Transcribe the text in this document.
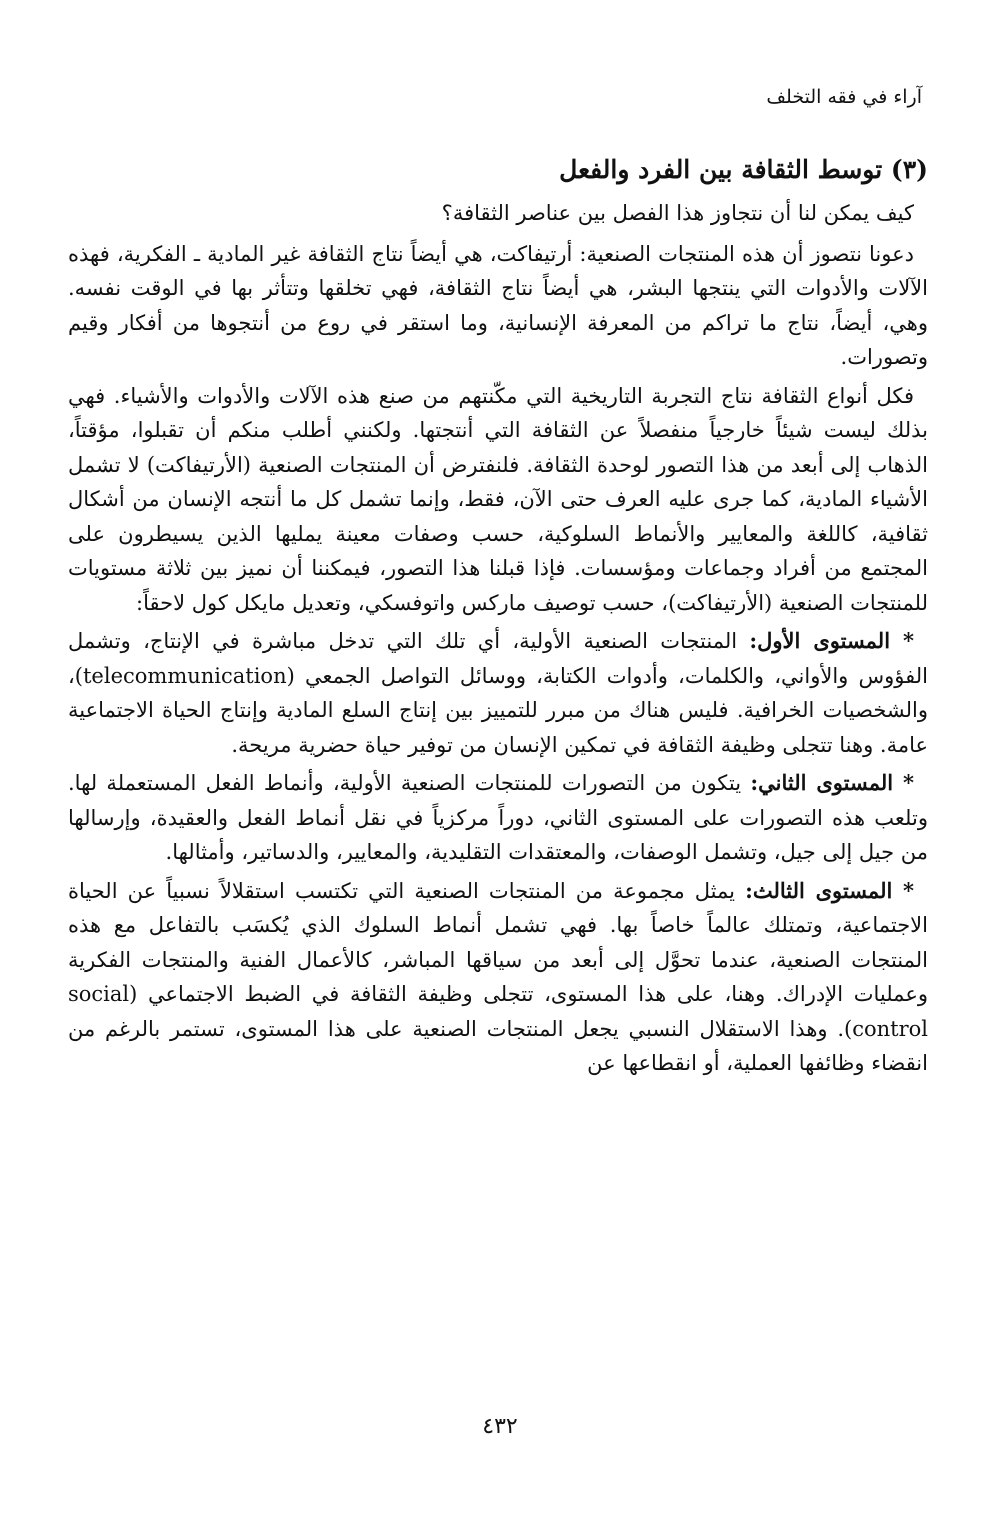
آراء في فقه التخلف
(٣) توسط الثقافة بين الفرد والفعل

كيف يمكن لنا أن نتجاوز هذا الفصل بين عناصر الثقافة؟

دعونا نتصوز أن هذه المنتجات الصنعية: أرتيفاكت، هي أيضاً نتاج الثقافة غير المادية ـ الفكرية، فهذه الآلات والأدوات التي ينتجها البشر، هي أيضاً نتاج الثقافة، فهي تخلقها وتتأثر بها في الوقت نفسه. وهي، أيضاً، نتاج ما تراكم من المعرفة الإنسانية، وما استقر في روع من أنتجوها من أفكار وقيم وتصورات.

فكل أنواع الثقافة نتاج التجربة التاريخية التي مكّنتهم من صنع هذه الآلات والأدوات والأشياء. فهي بذلك ليست شيئاً خارجياً منفصلاً عن الثقافة التي أنتجتها. ولكنني أطلب منكم أن تقبلوا، مؤقتاً، الذهاب إلى أبعد من هذا التصور لوحدة الثقافة. فلنفترض أن المنتجات الصنعية (الأرتيفاكت) لا تشمل الأشياء المادية، كما جرى عليه العرف حتى الآن، فقط، وإنما تشمل كل ما أنتجه الإنسان من أشكال ثقافية، كاللغة والمعايير والأنماط السلوكية، حسب وصفات معينة يمليها الذين يسيطرون على المجتمع من أفراد وجماعات ومؤسسات. فإذا قبلنا هذا التصور، فيمكننا أن نميز بين ثلاثة مستويات للمنتجات الصنعية (الأرتيفاكت)، حسب توصيف ماركس واتوفسكي، وتعديل مايكل كول لاحقاً:

* المستوى الأول: المنتجات الصنعية الأولية، أي تلك التي تدخل مباشرة في الإنتاج، وتشمل الفؤوس والأواني، والكلمات، وأدوات الكتابة، ووسائل التواصل الجمعي (telecommunication)، والشخصيات الخرافية. فليس هناك من مبرر للتمييز بين إنتاج السلع المادية وإنتاج الحياة الاجتماعية عامة. وهنا تتجلى وظيفة الثقافة في تمكين الإنسان من توفير حياة حضرية مريحة.

* المستوى الثاني: يتكون من التصورات للمنتجات الصنعية الأولية، وأنماط الفعل المستعملة لها. وتلعب هذه التصورات على المستوى الثاني، دوراً مركزياً في نقل أنماط الفعل والعقيدة، وإرسالها من جيل إلى جيل، وتشمل الوصفات، والمعتقدات التقليدية، والمعايير، والدساتير، وأمثالها.

* المستوى الثالث: يمثل مجموعة من المنتجات الصنعية التي تكتسب استقلالاً نسبياً عن الحياة الاجتماعية، وتمتلك عالماً خاصاً بها. فهي تشمل أنماط السلوك الذي يُكسَب بالتفاعل مع هذه المنتجات الصنعية، عندما تحوَّل إلى أبعد من سياقها المباشر، كالأعمال الفنية والمنتجات الفكرية وعمليات الإدراك. وهنا، على هذا المستوى، تتجلى وظيفة الثقافة في الضبط الاجتماعي (social control). وهذا الاستقلال النسبي يجعل المنتجات الصنعية على هذا المستوى، تستمر بالرغم من انقضاء وظائفها العملية، أو انقطاعها عن

٤٣٢
